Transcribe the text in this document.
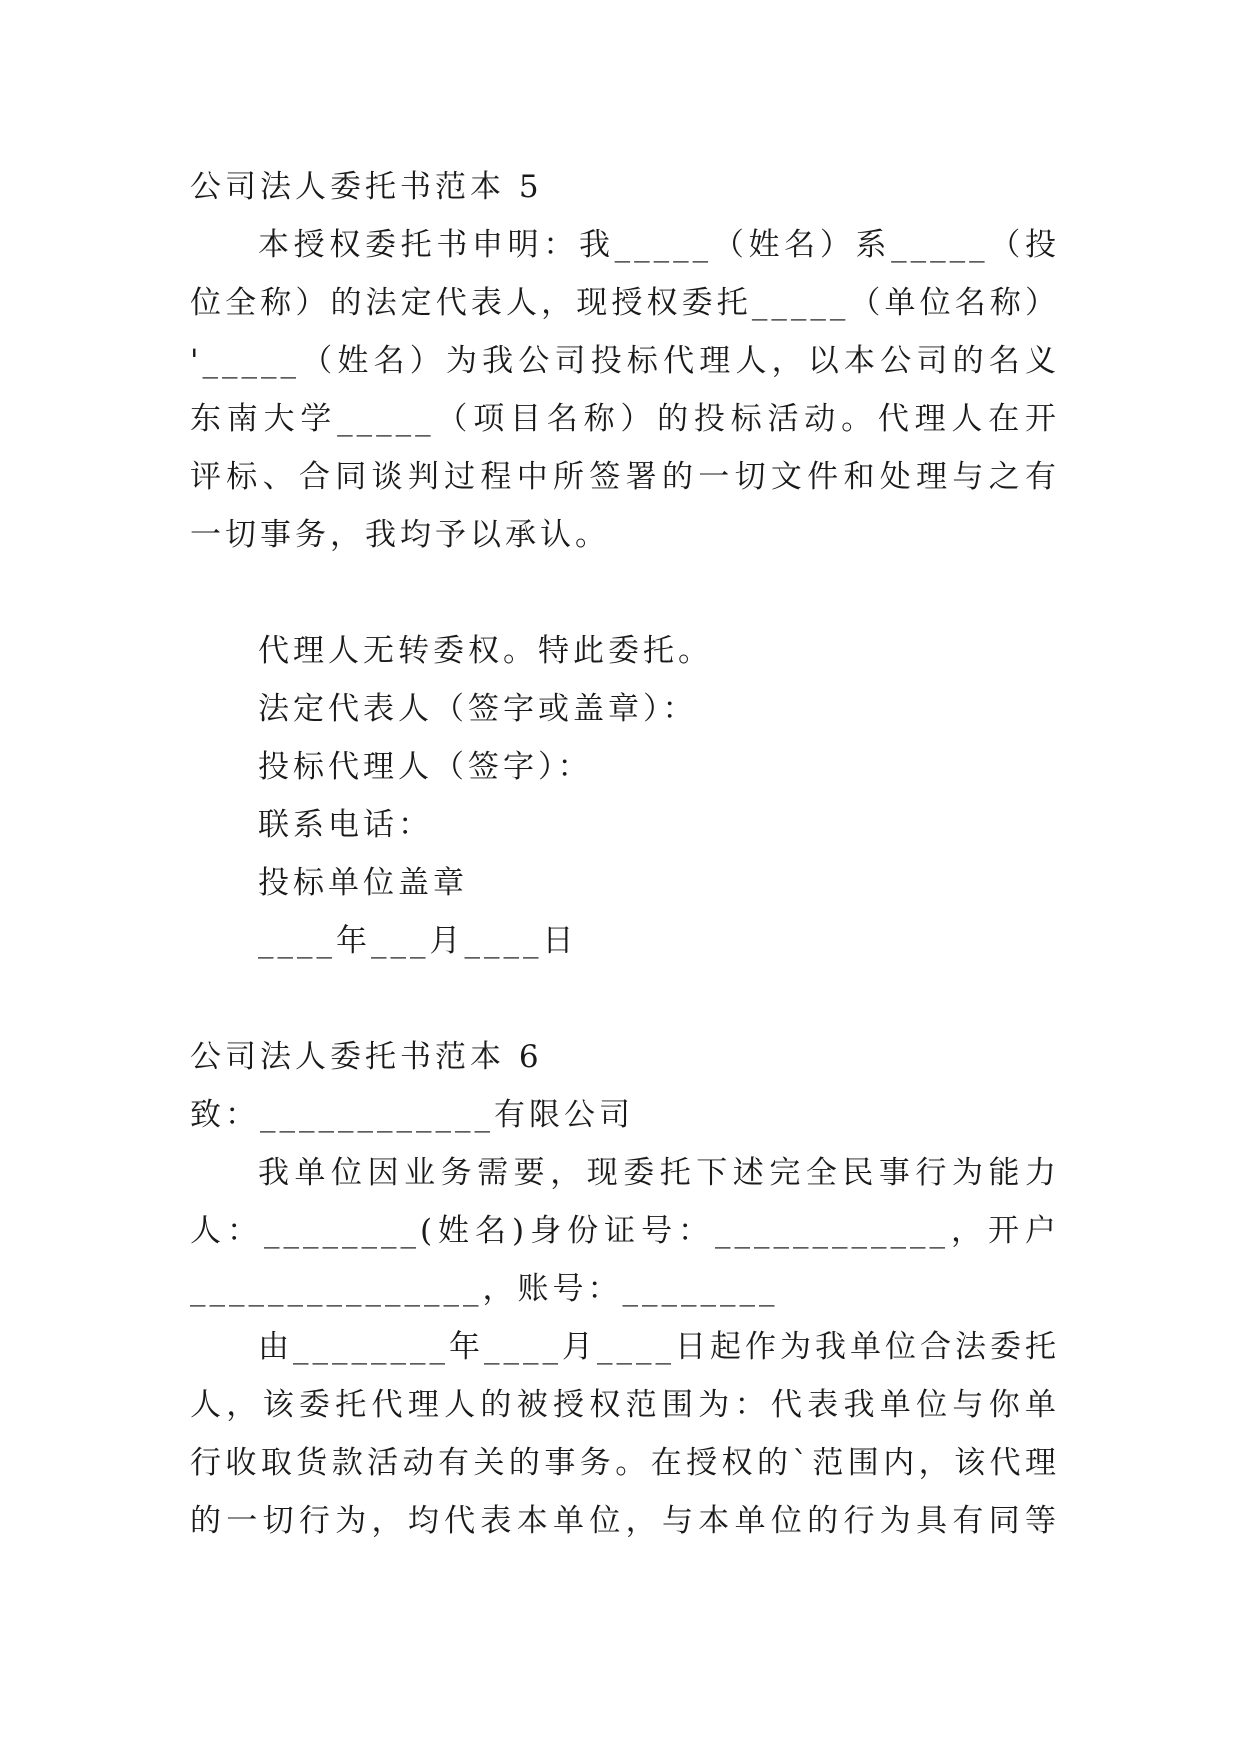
公司法人委托书范本 5
本授权委托书申明：我_____（姓名）系_____（投
位全称）的法定代表人，现授权委托_____（单位名称）
'_____（姓名）为我公司投标代理人，以本公司的名义
东南大学_____（项目名称）的投标活动。代理人在开
评标、合同谈判过程中所签署的一切文件和处理与之有
一切事务，我均予以承认。
代理人无转委权。特此委托。
法定代表人（签字或盖章）：
投标代理人（签字）：
联系电话：
投标单位盖章
____年___月____日
公司法人委托书范本 6
致：____________有限公司
我单位因业务需要，现委托下述完全民事行为能力
人：________(姓名)身份证号：____________，开户
_______________，账号：________
由________年____月____日起作为我单位合法委托
人，该委托代理人的被授权范围为：代表我单位与你单
行收取货款活动有关的事务。在授权的`范围内，该代理
的一切行为，均代表本单位，与本单位的行为具有同等
